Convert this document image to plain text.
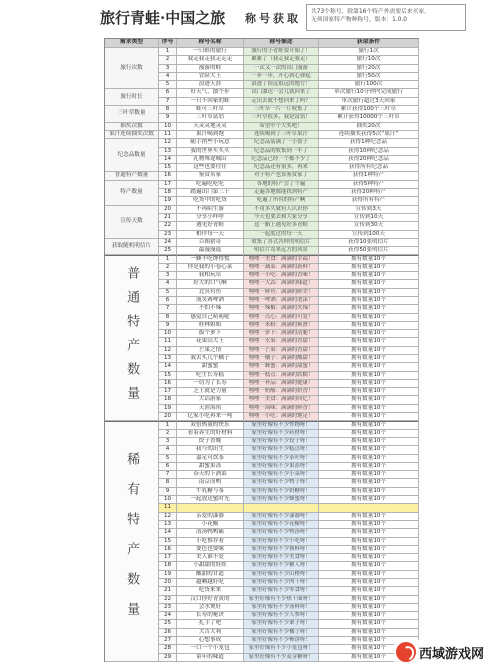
旅行青蛙·中国之旅 称号获取 共73个称号，除第16个特产外需要后来买家，
无须国家特产物种称号，版本：1.0.0
需求类型	序号	称号名称	称号描述	获取条件
旅行次数
1	一只蛙的旅行	旅行的小青蛙要开始了！	旅行1次
2	我走我走我走走走	累累了（我走我走我走）	旅行10次
3	漫游的蛙	一次又一次的出门漫游	旅行20次
4	冒险大王	一步一步，开心到心弹起	旅行50次
5	浪迹天涯	浪迹了很远很远的地方！	旅行100次
旅行时长
6	好天气，散个步	出门溜达一会儿就回来了	单次旅行10分钟内完成旅行
7	一只不回家的蛙	走出去就不想回来了吗？	单次旅行超过3天回家
三叶草数量
8	蛙可三叶草	三叶草一片一片收集了	累计获得100个三叶草
9	三叶草富翁	三叶草很多，我是富翁！	累计获得10000个三叶草
抽奖次数	10	天灵灵地灵灵	希望中个大奖吧！	抽奖20次
果汁连续抽奖次数	11	果汁喝到饱	连续喝到了三叶草果汁	连续抽奖获得5次“果汁”
纪念品数量
12	随手捎些小玩意	纪念品装满了一小袋子	获得1种纪念品
13	我的世界买买买	纪念品的收集到一半了	获得10种纪念品
14	礼物殊途城山	纪念品已经一个都不少了	获得20种纪念品
15	这些也要往往	纪念品还有很多，再来	获得所有纪念品
普通特产数量	16	鉴赏名家	对于特产也算鉴赏家了	获得1种特产
特产数量
17	吃遍吃吃吃	各地的特产尝了个遍	获得5种特产
18	踏遍出门第三十	走遍各地都能找到特产	获得20种特产
19	吃货中的吃货	吃遍了所有的特产啊	获得所有特产
宣传天数
20	不再陌生游	不用多久就有人认识你	宣传到3天
21	分享小咋呼	今天也要去和大家分享	宣传到10天
22	遇见好青蛙	这一路上遇见好多青蛙	宣传到30天
23	相伴每一天	一起度过的每一天	宣传到100天
获取随机明信片
24	百图猎奇	收集了各式各样的明信片	获得10张明信片
25	最漫漫遥	明信片寄来远方的风景	获得50张明信片
普通特产数量
1	一颗不吃馋得慌	嘿嘿一美食：满满的幸福！	拥有数量10个
2	你是我的小卷心菜	嘿嘿一蔬菜：满满的新鲜！	拥有数量10个
3	我相玩卓	嘿嘿一小吃：满满的香味！	拥有数量10个
4	好大的口气啊	嘿嘿一大蒜：满满的味道！	拥有数量10个
5	北冥有鱼	嘿嘿一鲜鱼：满满的鲜美！	拥有数量10个
6	流笑赛啤酒	嘿嘿一啤酒：满满的泡沫！	拥有数量10个
7	不怕不辣	嘿嘿一辣椒：满满的火辣！	拥有数量10个
8	感觉自己萌萌哒	嘿嘿一点心：满满的可爱！	拥有数量10个
9	桂林姐姐	嘿嘿一米粉：满满的爽滑！	拥有数量10个
10	拔个萝卜	嘿嘿一萝卜：满满的清脆！	拥有数量10个
11	花果山大王	嘿嘿一水果：满满的香甜！	拥有数量10个
12	芒果之情	嘿嘿一芒果：满满的香甜！	拥有数量10个
13	我去买几个橘子	嘿嘿一橘子：满满的酸甜！	拥有数量10个
14	甜蜜蜜	嘿嘿一蜂蜜：满满的甜蜜！	拥有数量10个
15	吃生长寿糕	嘿嘿一糕点：满满的软糯！	拥有数量10个
16	一切为了长寿	嘿嘿一补品：满满的健康！	拥有数量10个
17	芝士就是力量	嘿嘿一奶酪：满满的奶香！	拥有数量10个
18	大话游家	嘿嘿一美食：满满的回忆！	拥有数量10个
19	天涯海角	嘿嘿一海味：满满的鲜香！	拥有数量10个
20	亿家小吃再来一吨	嘿嘿一小吃：满满的饱足！	拥有数量10个
稀有特产数量
1	双倍热量的快乐	家里好像有不少炸物呀！	拥有数量10个
2	看着养生的好材料	家里好像有不少药材呀！	拥有数量10个
3	饺子香晚	家里好像有不少饺子呀！	拥有数量10个
4	我与幼出生	家里好像有不少糕点呀！	拥有数量10个
5	嘉足可饮茶	家里好像有不少茶叶呀！	拥有数量10个
6	甜蜜果冻	家里好像有不少果冻呀！	拥有数量10个
7	春天的下酒菜	家里好像有不少小菜呀！	拥有数量10个
8	南京卤鸭	家里好像有不少鸭子呀！	拥有数量10个
9	牛乳糖与茶	家里好像有不少奶糖呀！	拥有数量10个
10	一起放送蜜时光	家里好像有不少蜂蜜呀！	拥有数量10个
11
12	亲爱的漆器	家里好像有不少漆器呀！	拥有数量10个
13	小花椒	家里好像有不少花椒呀！	拥有数量10个
14	清汤鸭鸭霸	家里好像有不少鸭汤呀！	拥有数量10个
15	小吃推荐看	家里好像有不少小吃呀！	拥有数量10个
16	要色也要味	家里好像有不少酱料呀！	拥有数量10个
17	美人谁不爱	家里好像有不少美食呀！	拥有数量10个
18	小甜甜的娃娃	家里好像有不少糖人呀！	拥有数量10个
19	酸甜的甘道	家里好像有不少山楂呀！	拥有数量10个
20	越嚼越好吃	家里好像有不少肉干呀！	拥有数量10个
21	吃货来来	家里好像有不少零食呀！	拥有数量10个
22	汉口你好青黄的	家里好像有不少热干面呀！	拥有数量10个
23	会水煲好	家里好像有不少汤料呀！	拥有数量10个
24	长寿的秘诀	家里好像有不少人参呀！	拥有数量10个
25	扎手了吧	家里好像有不少栗子呀！	拥有数量10个
26	大吉大利	家里好像有不少橘子呀！	拥有数量10个
27	心想事成	家里好像有不少柿饼呀！	拥有数量10个
28	一口一个小笼包	家里好像有不少小笼包呀！	拥有数量10个
29	童年的味道	家里好像有不少麦芽糖呀！	拥有数量10个	西域游戏网
